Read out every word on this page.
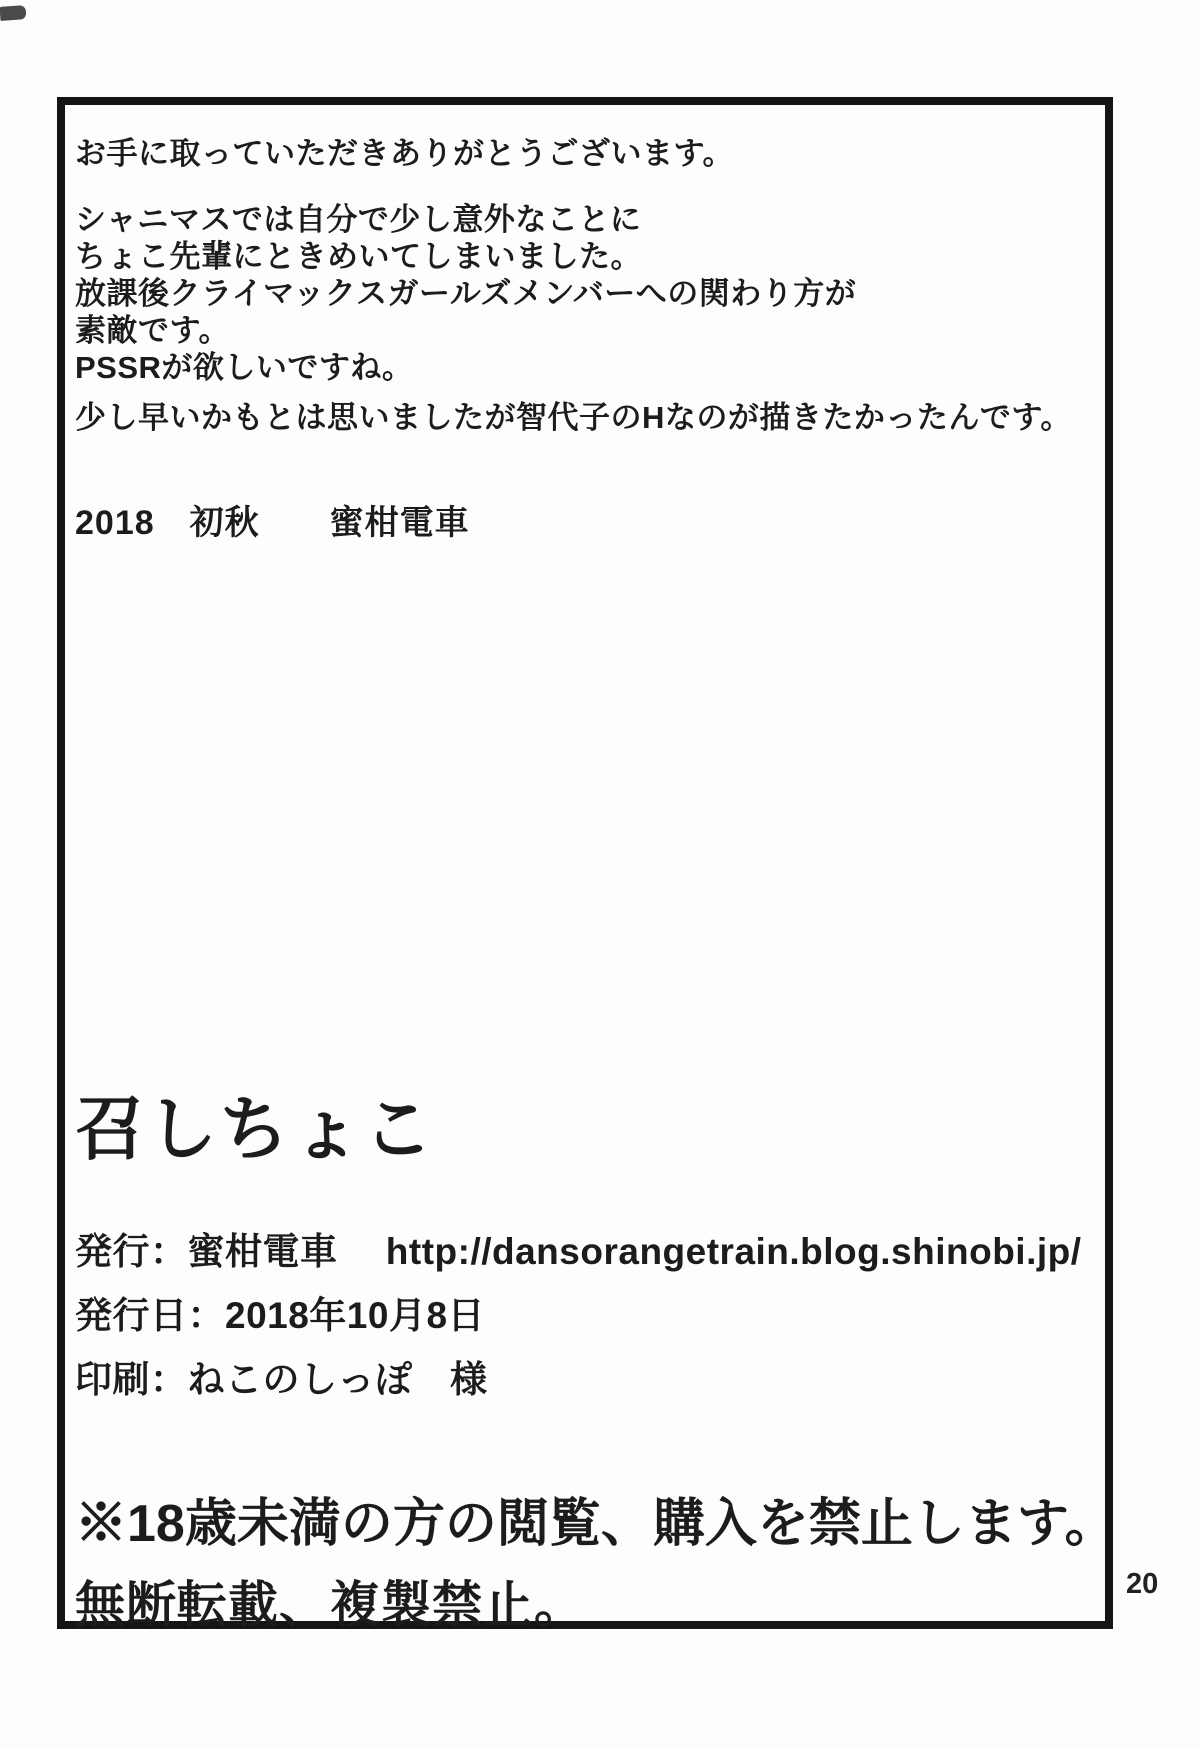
お手に取っていただきありがとうございます。
シャニマスでは自分で少し意外なことに
ちょこ先輩にときめいてしまいました。
放課後クライマックスガールズメンバーへの関わり方が
素敵です。
PSSRが欲しいですね。
少し早いかもとは思いましたが智代子のHなのが描きたかったんです。
2018　初秋　　蜜柑電車
召しちょこ
発行：蜜柑電車　 http://dansorangetrain.blog.shinobi.jp/
発行日：2018年10月8日
印刷：ねこのしっぽ　様
※18歳未満の方の閲覧、購入を禁止します。
無断転載、複製禁止。	20
